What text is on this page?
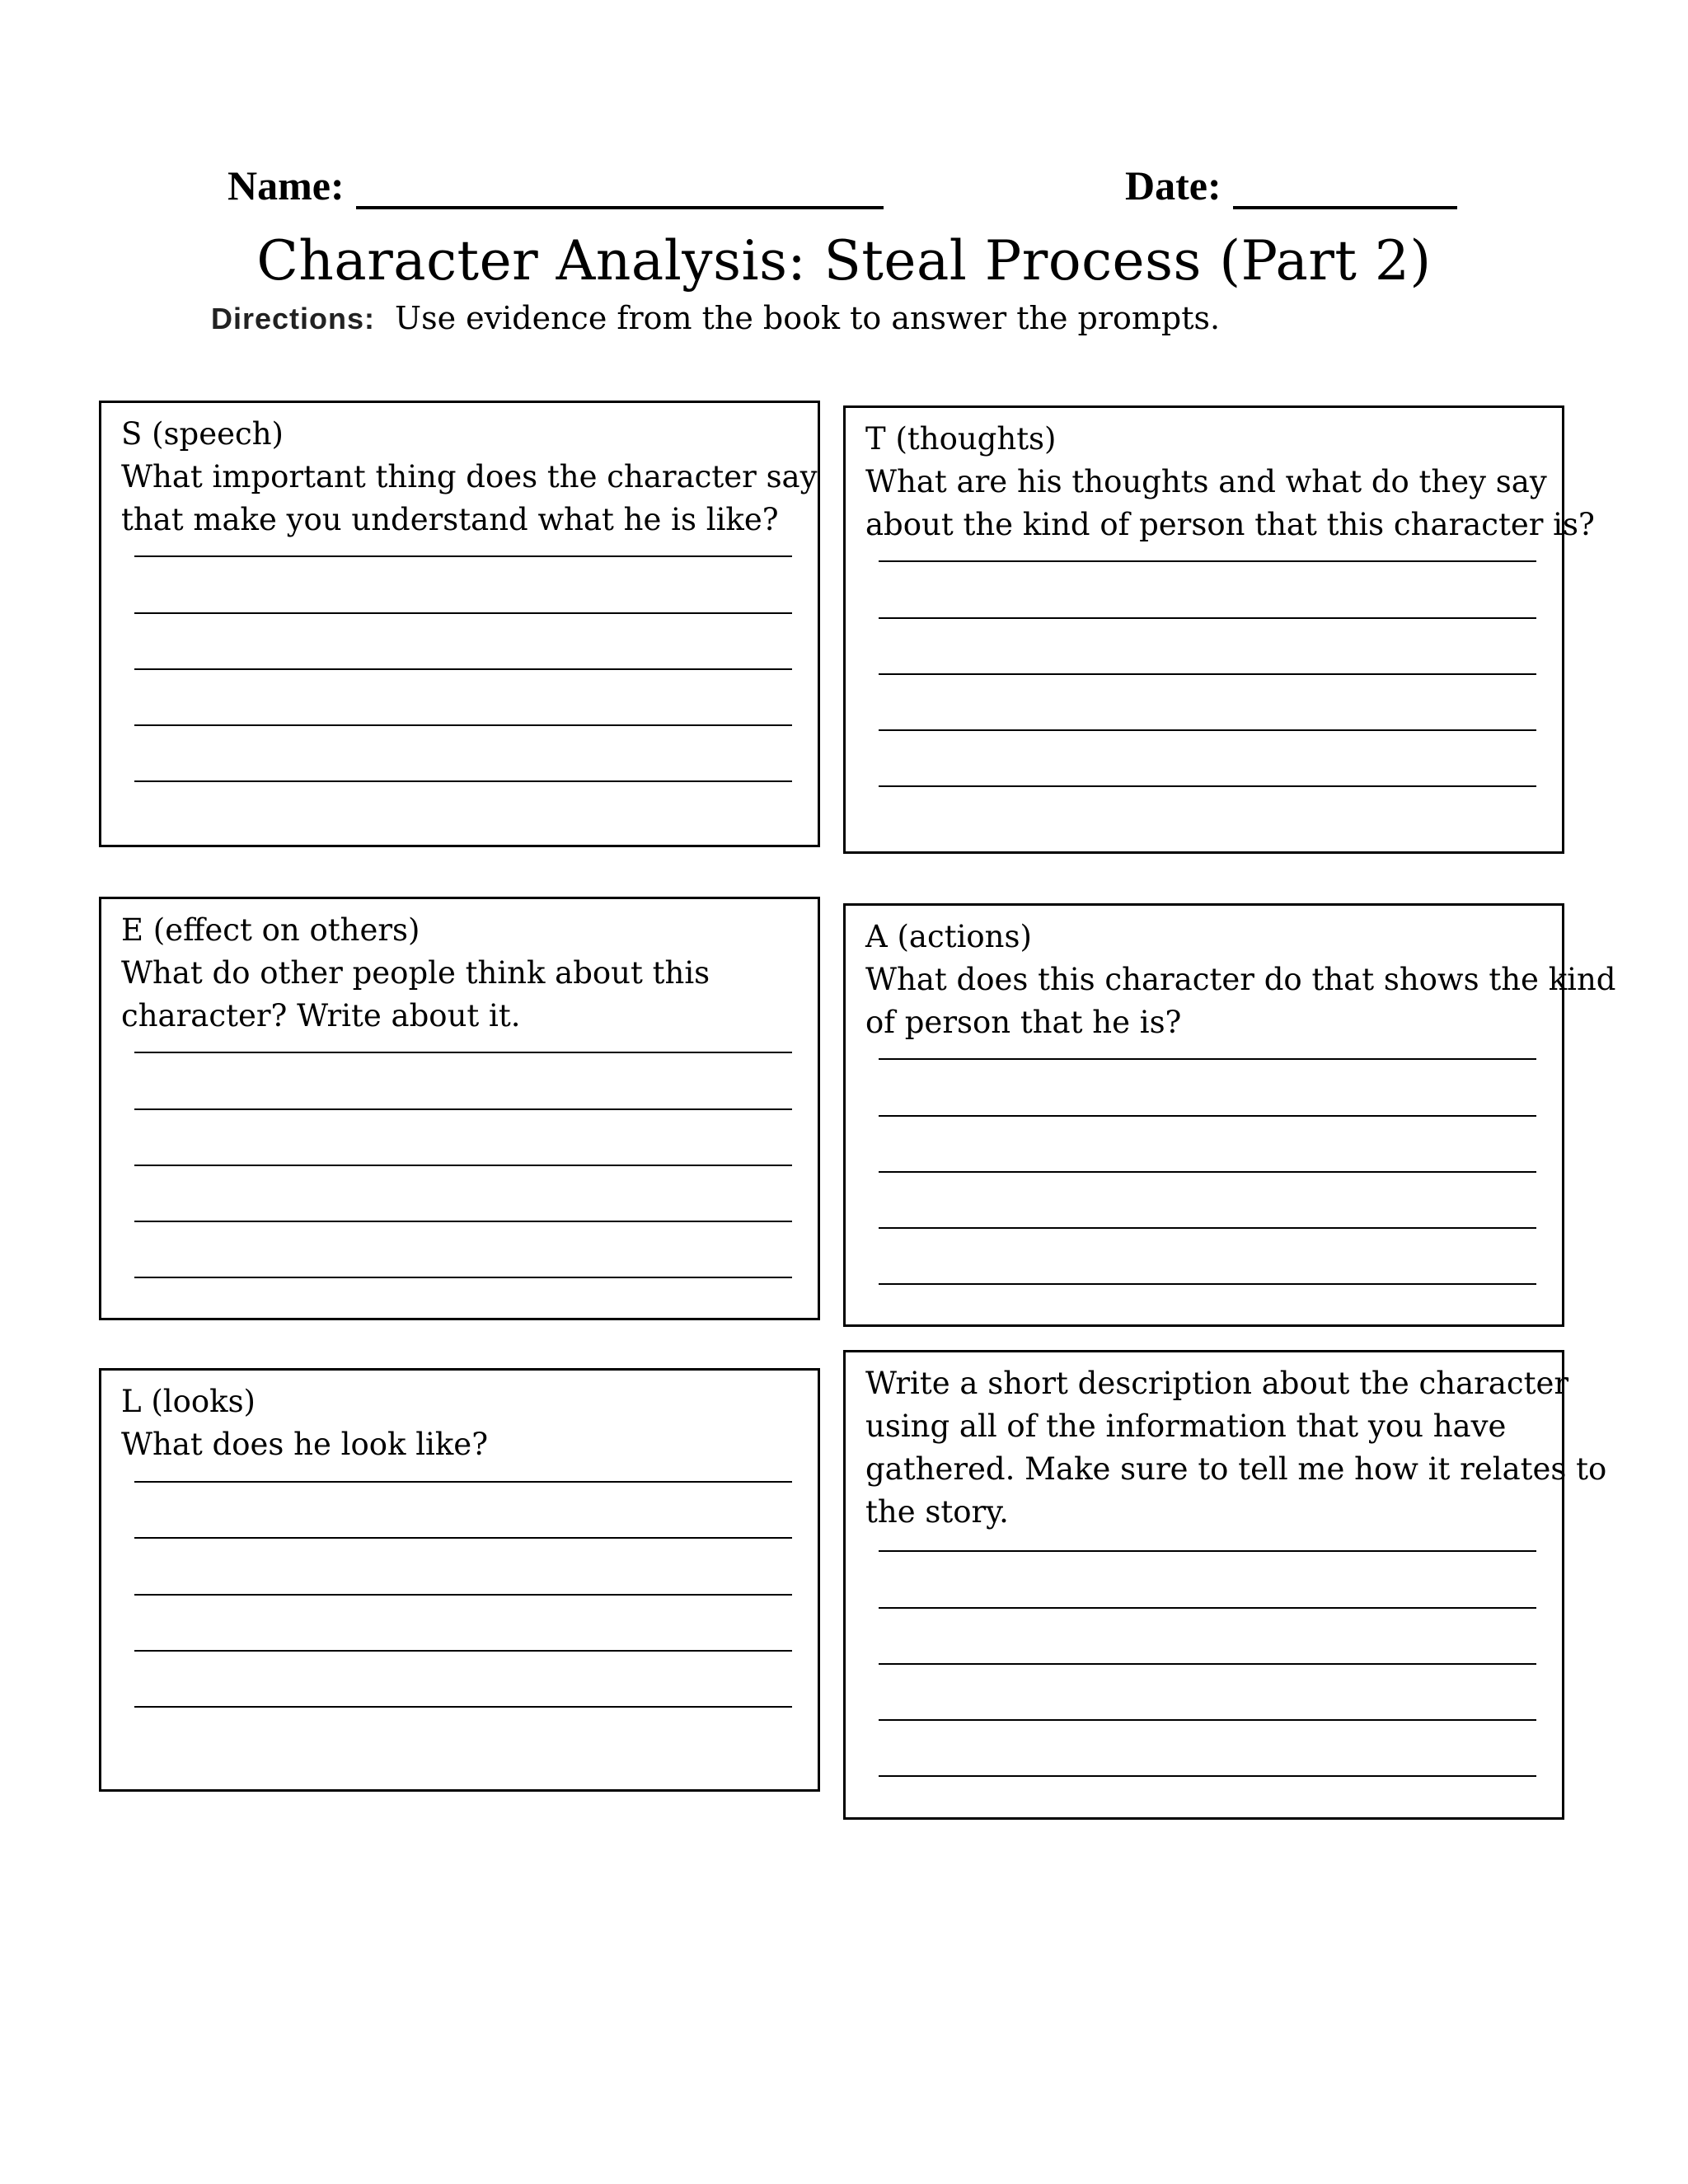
Name:	Date:
Character Analysis: Steal Process (Part 2)
Directions: Use evidence from the book to answer the prompts.
S (speech)
What important thing does the character say
that make you understand what he is like?
T (thoughts)
What are his thoughts and what do they say
about the kind of person that this character is?
E (effect on others)
What do other people think about this
character? Write about it.
A (actions)
What does this character do that shows the kind
of person that he is?
L (looks)
What does he look like?
Write a short description about the character
using all of the information that you have
gathered. Make sure to tell me how it relates to
the story.
